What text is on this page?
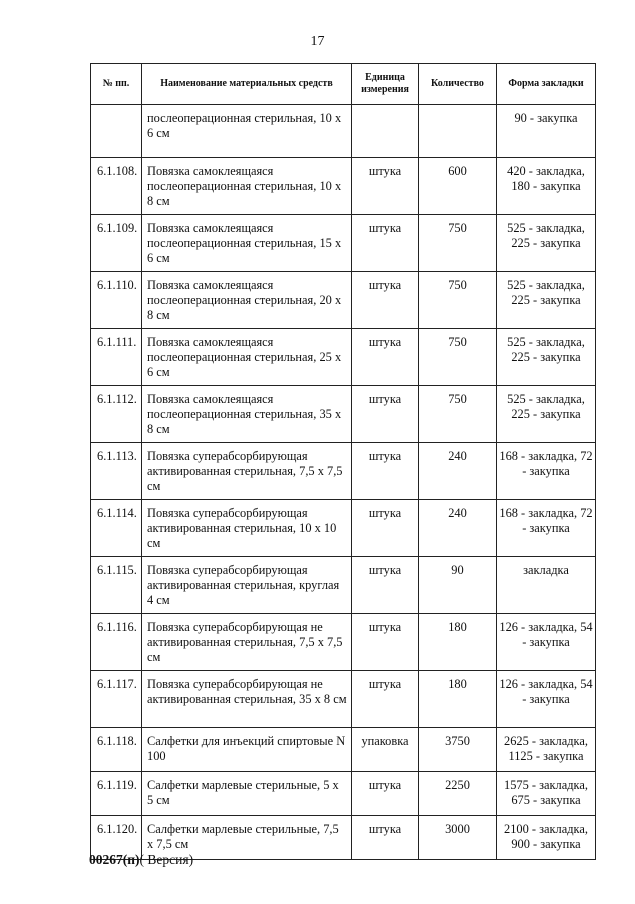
17
№ пп.	Наименование материальных средств	Единица измерения	Количество	Форма закладки
	послеоперационная стерильная, 10 х 6 см			90 - закупка
6.1.108.	Повязка самоклеящаяся послеоперационная стерильная, 10 х 8 см	штука	600	420 - закладка, 180 - закупка
6.1.109.	Повязка самоклеящаяся послеоперационная стерильная, 15 х 6 см	штука	750	525 - закладка, 225 - закупка
6.1.110.	Повязка самоклеящаяся послеоперационная стерильная, 20 х 8 см	штука	750	525 - закладка, 225 - закупка
6.1.111.	Повязка самоклеящаяся послеоперационная стерильная, 25 х 6 см	штука	750	525 - закладка, 225 - закупка
6.1.112.	Повязка самоклеящаяся послеоперационная стерильная, 35 х 8 см	штука	750	525 - закладка, 225 - закупка
6.1.113.	Повязка суперабсорбирующая активированная стерильная, 7,5 х 7,5 см	штука	240	168 - закладка, 72 - закупка
6.1.114.	Повязка суперабсорбирующая активированная стерильная, 10 х 10 см	штука	240	168 - закладка, 72 - закупка
6.1.115.	Повязка суперабсорбирующая активированная стерильная, круглая 4 см	штука	90	закладка
6.1.116.	Повязка суперабсорбирующая не активированная стерильная, 7,5 х 7,5 см	штука	180	126 - закладка, 54 - закупка
6.1.117.	Повязка суперабсорбирующая не активированная стерильная, 35 х 8 см	штука	180	126 - закладка, 54 - закупка
6.1.118.	Салфетки для инъекций спиртовые N 100	упаковка	3750	2625 - закладка, 1125 - закупка
6.1.119.	Салфетки марлевые стерильные, 5 х 5 см	штука	2250	1575 - закладка, 675 - закупка
6.1.120.	Салфетки марлевые стерильные, 7,5 х 7,5 см	штука	3000	2100 - закладка, 900 - закупка
00267(п)( Версия)
